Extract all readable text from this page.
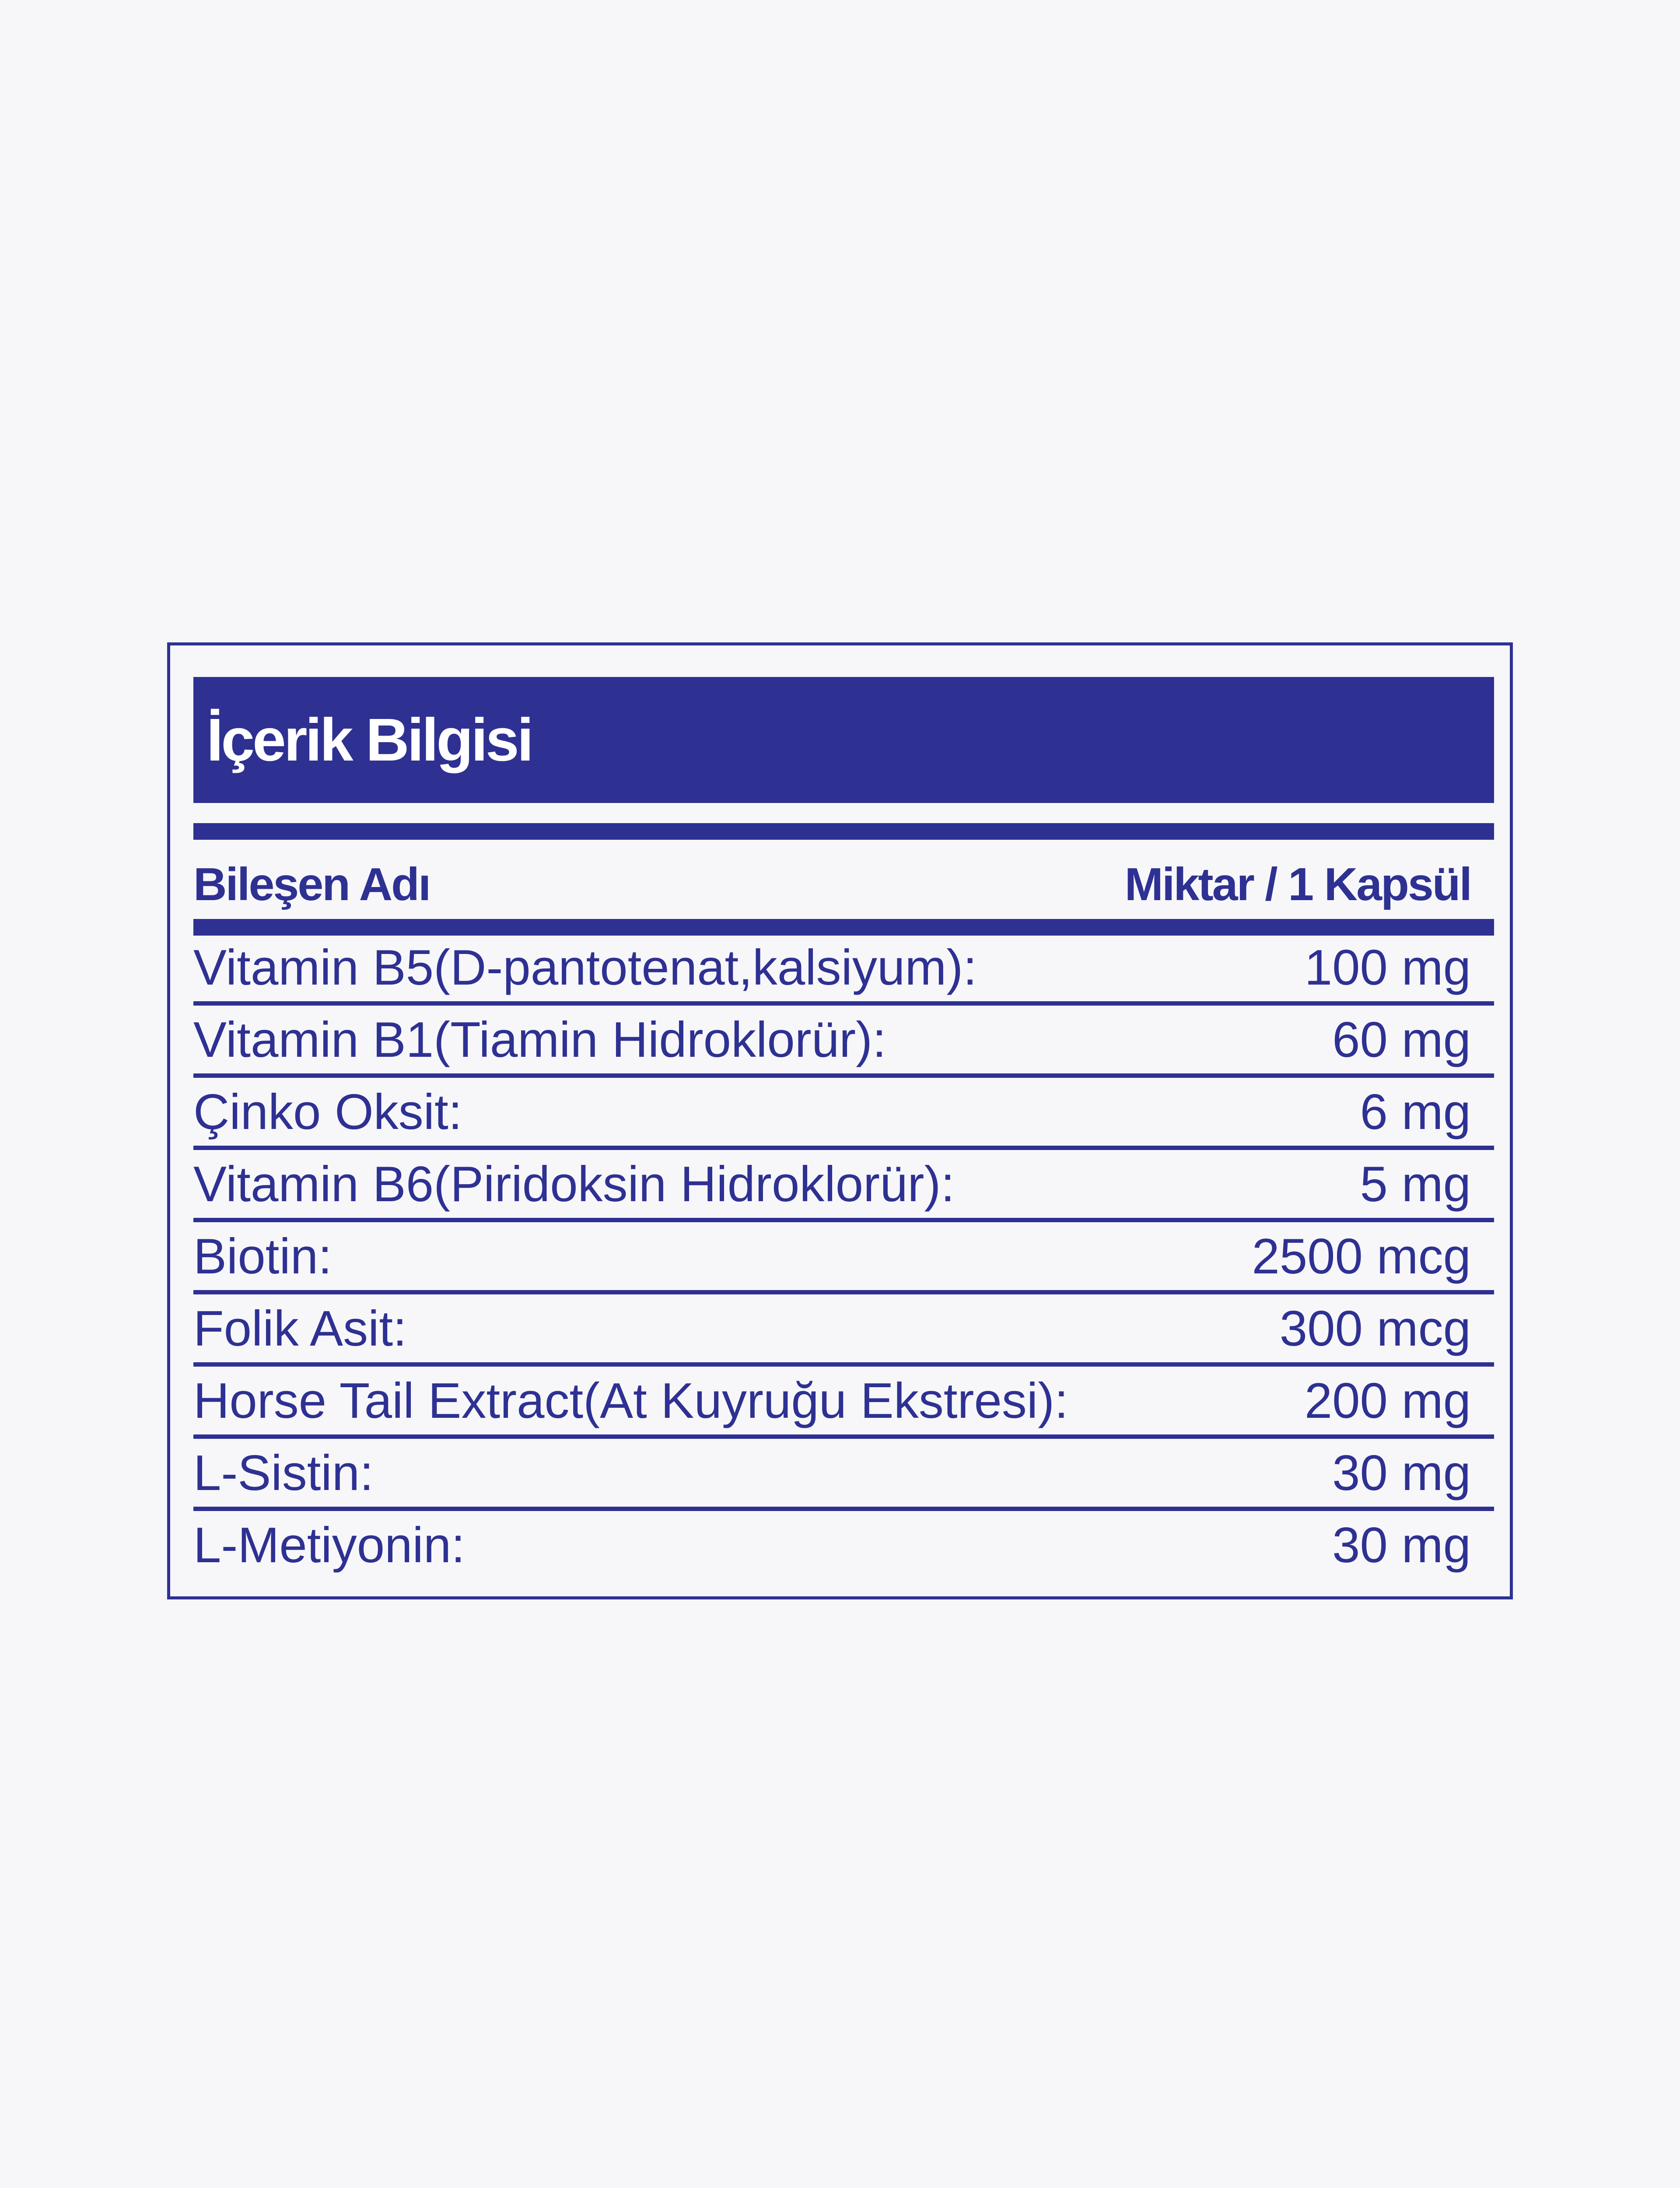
İçerik Bilgisi
Bileşen Adı	Miktar / 1 Kapsül
Vitamin B5(D-pantotenat,kalsiyum):	100 mg
Vitamin B1(Tiamin Hidroklorür):	60 mg
Çinko Oksit:	6 mg
Vitamin B6(Piridoksin Hidroklorür):	5 mg
Biotin:	2500 mcg
Folik Asit:	300 mcg
Horse Tail Extract(At Kuyruğu Ekstresi):	200 mg
L-Sistin:	30 mg
L-Metiyonin:	30 mg
